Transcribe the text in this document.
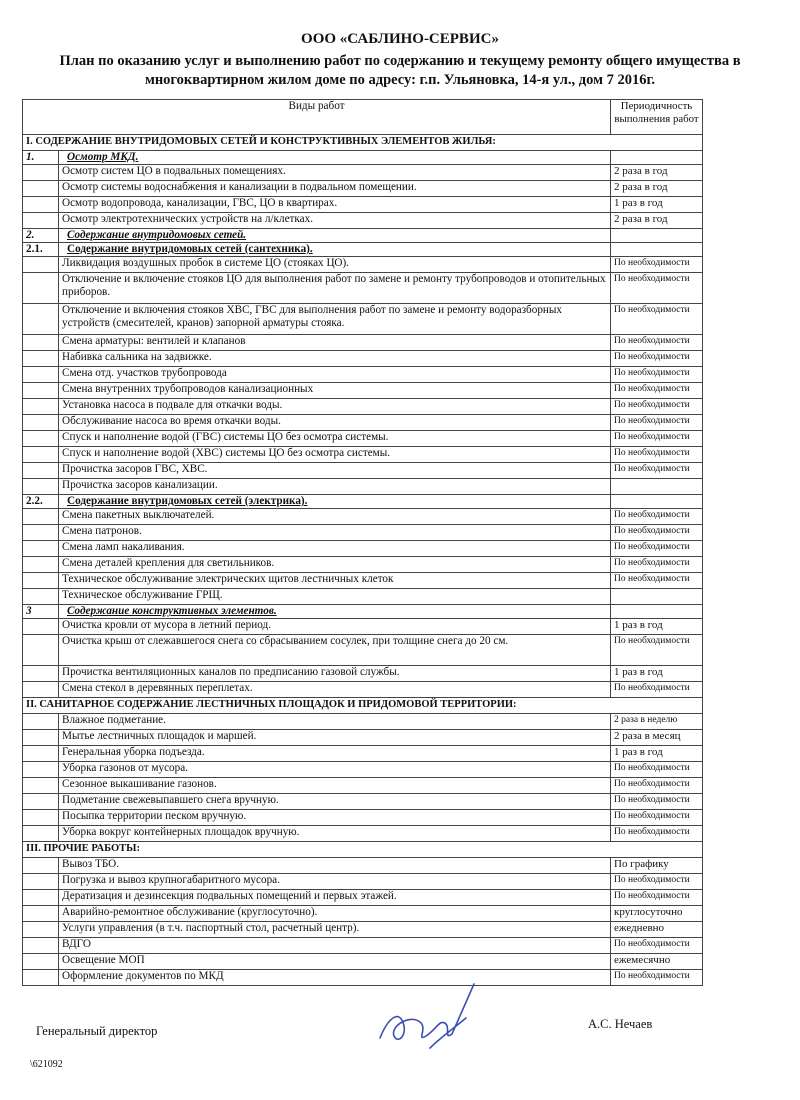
ООО «САБЛИНО-СЕРВИС»
План по оказанию услуг и выполнению работ по содержанию и текущему ремонту общего имущества в многоквартирном жилом доме по адресу: г.п. Ульяновка, 14-я ул., дом 7 2016г.
Виды работ		Периодичность выполнения работ
I. СОДЕРЖАНИЕ ВНУТРИДОМОВЫХ СЕТЕЙ И КОНСТРУКТИВНЫХ ЭЛЕМЕНТОВ ЖИЛЬЯ:		
1.	Осмотр МКД.	
	Осмотр систем ЦО в подвальных помещениях.	2 раза в год
	Осмотр системы водоснабжения и канализации в подвальном помещении.	2 раза в год
	Осмотр водопровода, канализации, ГВС, ЦО в квартирах.	1 раз в год
	Осмотр электротехнических устройств на л/клетках.	2 раза в год
2.	Содержание внутридомовых сетей.	
2.1.	Содержание внутридомовых сетей (сантехника).	
	Ликвидация воздушных пробок в системе ЦО (стояках ЦО).	По необходимости
	Отключение и включение стояков ЦО для выполнения работ по замене и ремонту трубопроводов и отопительных приборов.	По необходимости
	Отключение и включения стояков ХВС, ГВС для выполнения работ по замене и ремонту водоразборных устройств (смесителей, кранов) запорной арматуры стояка.	По необходимости
	Смена арматуры: вентилей и клапанов	По необходимости
	Набивка сальника на задвижке.	По необходимости
	Смена отд. участков трубопровода	По необходимости
	Смена внутренних трубопроводов канализационных	По необходимости
	Установка насоса в подвале для откачки воды.	По необходимости
	Обслуживание насоса во время откачки воды.	По необходимости
	Спуск и наполнение водой (ГВС) системы ЦО без осмотра системы.	По необходимости
	Спуск и наполнение водой (ХВС) системы ЦО без осмотра системы.	По необходимости
	Прочистка засоров ГВС, ХВС.	По необходимости
	Прочистка засоров канализации.	
2.2.	Содержание внутридомовых сетей (электрика).	
	Смена пакетных выключателей.	По необходимости
	Смена патронов.	По необходимости
	Смена ламп накаливания.	По необходимости
	Смена деталей крепления для светильников.	По необходимости
	Техническое обслуживание электрических щитов лестничных клеток	По необходимости
	Техническое обслуживание ГРЩ.	
3	Содержание конструктивных элементов.	
	Очистка кровли от мусора в летний период.	1 раз в год
	Очистка крыш от слежавшегося снега со сбрасыванием сосулек, при толщине снега до 20 см.	По необходимости
	Прочистка вентиляционных каналов по предписанию газовой службы.	1 раз в год
	Смена стекол в деревянных переплетах.	По необходимости
II. САНИТАРНОЕ СОДЕРЖАНИЕ ЛЕСТНИЧНЫХ ПЛОЩАДОК И ПРИДОМОВОЙ ТЕРРИТОРИИ:		
	Влажное подметание.	2 раза в неделю
	Мытье лестничных площадок и маршей.	2 раза в месяц
	Генеральная уборка подъезда.	1 раз в год
	Уборка газонов от мусора.	По необходимости
	Сезонное выкашивание газонов.	По необходимости
	Подметание свежевыпавшего снега вручную.	По необходимости
	Посыпка территории песком вручную.	По необходимости
	Уборка вокруг контейнерных площадок вручную.	По необходимости
III. ПРОЧИЕ РАБОТЫ:		
	Вывоз ТБО.	По графику
	Погрузка и вывоз крупногабаритного мусора.	По необходимости
	Дератизация и дезинсекция подвальных помещений и первых этажей.	По необходимости
	Аварийно-ремонтное обслуживание (круглосуточно).	круглосуточно
	Услуги управления (в т.ч. паспортный стол, расчетный центр).	ежедневно
	ВДГО	По необходимости
	Освещение МОП	ежемесячно
	Оформление документов по МКД	По необходимости
Генеральный директор	А.С. Нечаев
\621092
